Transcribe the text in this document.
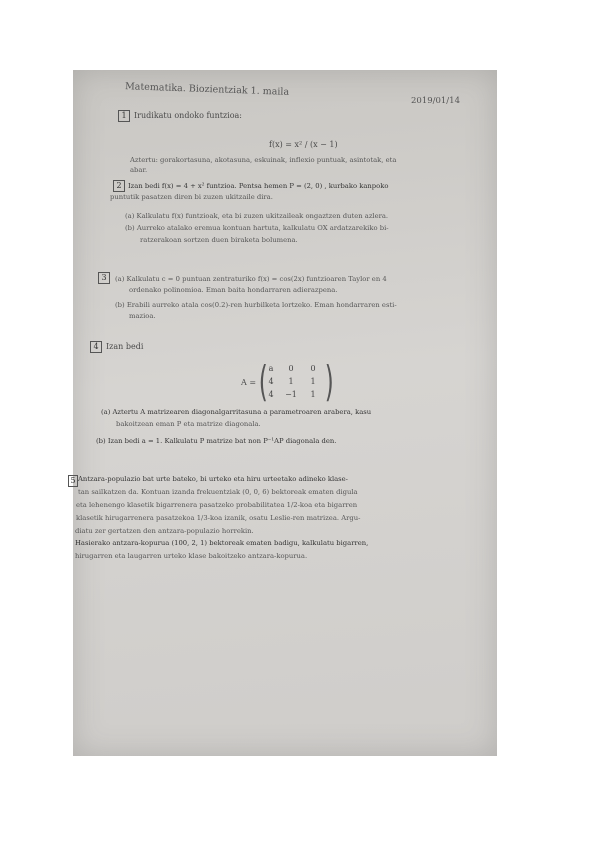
Matematika. Biozientziak 1. maila
2019/01/14
1 Irudikatu ondoko funtzioa:
f(x) = x² / (x − 1)
Aztertu: gorakortasuna, akotasuna, eskuinak, inflexio puntuak, asintotak, eta
abar.
2 Izan bedi f(x) = 4 + x² funtzioa. Pentsa hemen P = (2, 0) , kurbako kanpoko
puntutik pasatzen diren bi zuzen ukitzaile dira.
(a) Kalkulatu f(x) funtzioak, eta bi zuzen ukitzaileak ongaztzen duten azlera.
(b) Aurreko atalako eremua kontuan hartuta, kalkulatu OX ardatzarekiko bi-
ratzerakoan sortzen duen biraketa bolumena.
3	(a) Kalkulatu c = 0 puntuan zentraturiko f(x) = cos(2x) funtzioaren Taylor en 4
ordenako polinomioa. Eman baita hondarraren adierazpena.
(b) Erabili aurreko atala cos(0.2)-ren hurbilketa lortzeko. Eman hondarraren esti-
mazioa.
4 Izan bedi
A = ( a	0	0
4	1	1
4	−1	1 )
(a) Aztertu A matrizearen diagonalgarritasuna a parametroaren arabera, kasu
bakoitzean eman P eta matrize diagonala.
(b) Izan bedi a = 1. Kalkulatu P matrize bat non P⁻¹AP diagonala den.
5 Antzara-populazio bat urte bateko, bi urteko eta hiru urteetako adineko klase-
tan sailkatzen da. Kontuan izanda frekuentziak (0, 0, 6) bektoreak ematen digula
eta lehenengo klasetik bigarrenera pasatzeko probabilitatea 1/2-koa eta bigarren
klasetik hirugarrenera pasatzekoa 1/3-koa izanik, osatu Leslie-ren matrizea. Argu-
diatu zer gertatzen den antzara-populazio horrekin.
Hasierako antzara-kopurua (100, 2, 1) bektoreak ematen badigu, kalkulatu bigarren,
hirugarren eta laugarren urteko klase bakoitzeko antzara-kopurua.
